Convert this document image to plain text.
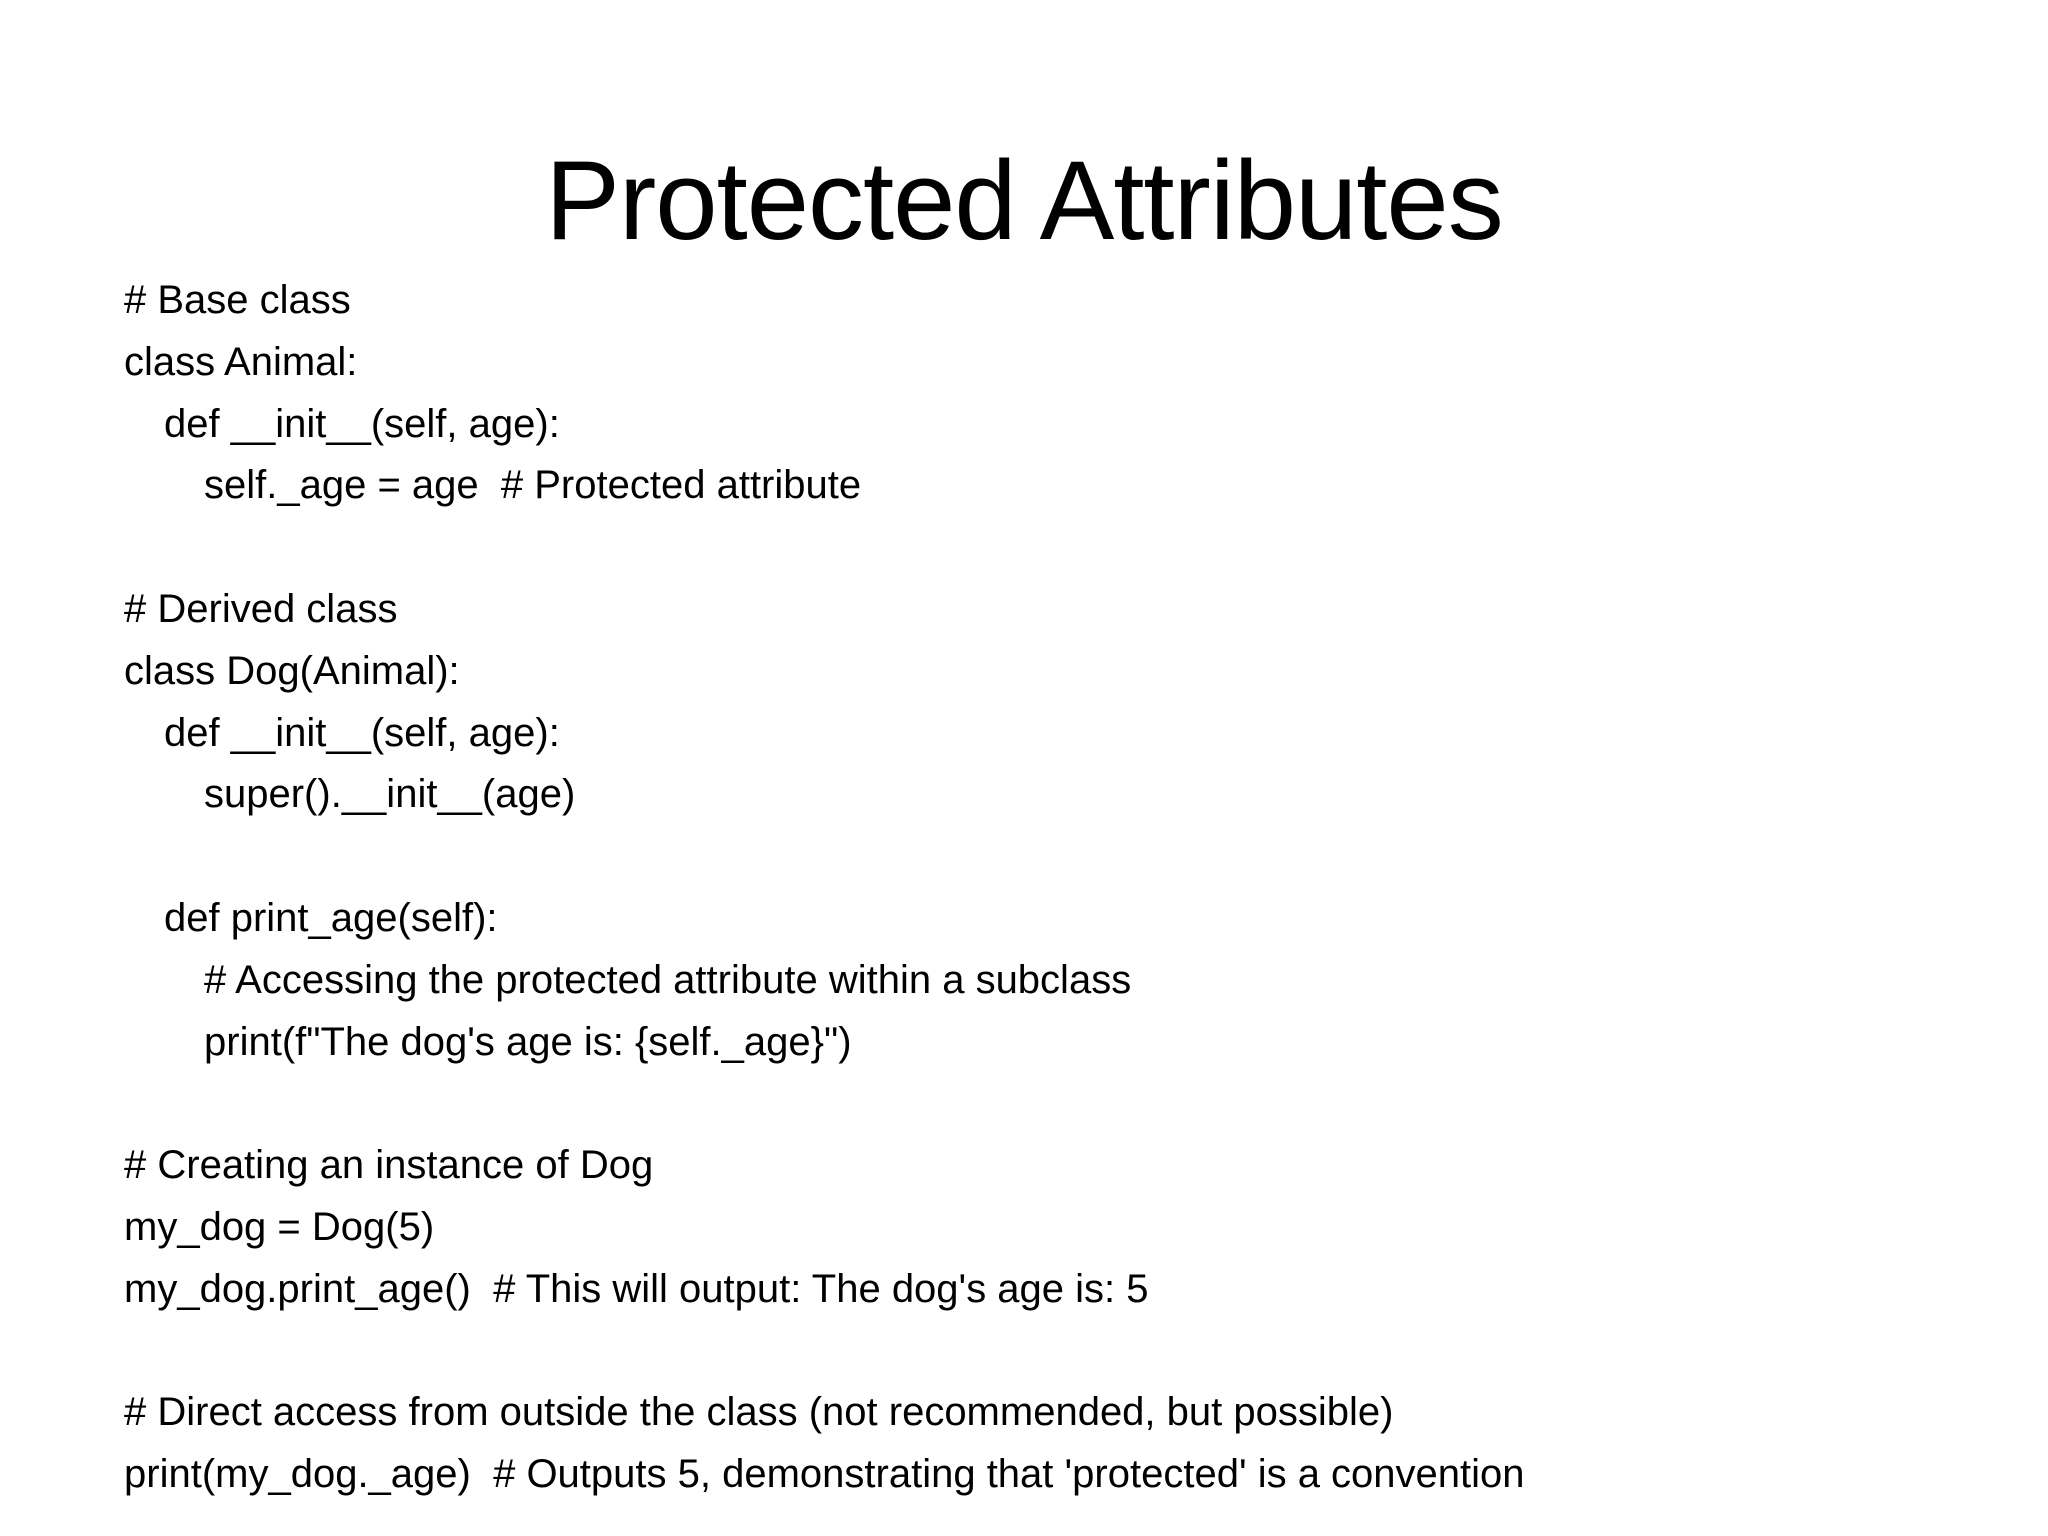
Protected Attributes
# Base class
class Animal:
def __init__(self, age):
self._age = age  # Protected attribute
# Derived class
class Dog(Animal):
def __init__(self, age):
super().__init__(age)
def print_age(self):
# Accessing the protected attribute within a subclass
print(f"The dog's age is: {self._age}")
# Creating an instance of Dog
my_dog = Dog(5)
my_dog.print_age()  # This will output: The dog's age is: 5
# Direct access from outside the class (not recommended, but possible)
print(my_dog._age)  # Outputs 5, demonstrating that 'protected' is a convention
